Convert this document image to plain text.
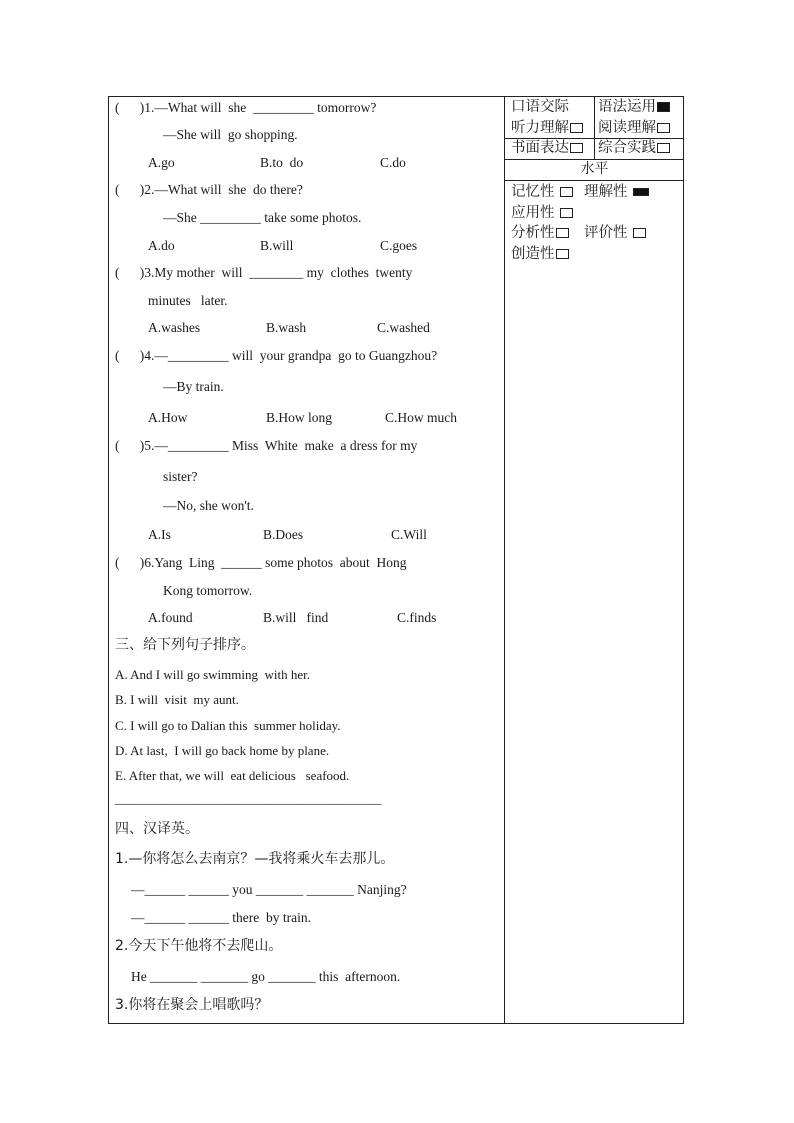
(      )1.—What will  she  _________ tomorrow?
—She will  go shopping.
A.go	B.to  do	C.do
(      )2.—What will  she  do there?
—She _________ take some photos.
A.do	B.will	C.goes
(      )3.My mother  will  ________ my  clothes  twenty
minutes   later.
A.washes	B.wash	C.washed
(      )4.—_________ will  your grandpa  go to Guangzhou?
—By train.
A.How	B.How long	C.How much
(      )5.—_________ Miss  White  make  a dress for my
sister?
—No, she won't.
A.Is	B.Does	C.Will
(      )6.Yang  Ling  ______ some photos  about  Hong
Kong tomorrow.
A.found	B.will   find	C.finds
三、给下列句子排序。
A. And I will go swimming  with her.
B. I will  visit  my aunt.
C. I will go to Dalian this  summer holiday.
D. At last,  I will go back home by plane.
E. After that, we will  eat delicious   seafood.
_________________________________________
四、汉译英。
1.—你将怎么去南京？—我将乘火车去那儿。
—______ ______ you _______ _______ Nanjing?
—______ ______ there  by train.
2.今天下午他将不去爬山。
He _______ _______ go _______ this  afternoon.
3.你将在聚会上唱歌吗？
口语交际 语法运用
听力理解	阅读理解
书面表达	综合实践
水平
记忆性	理解性
应用性
分析性	评价性
创造性
